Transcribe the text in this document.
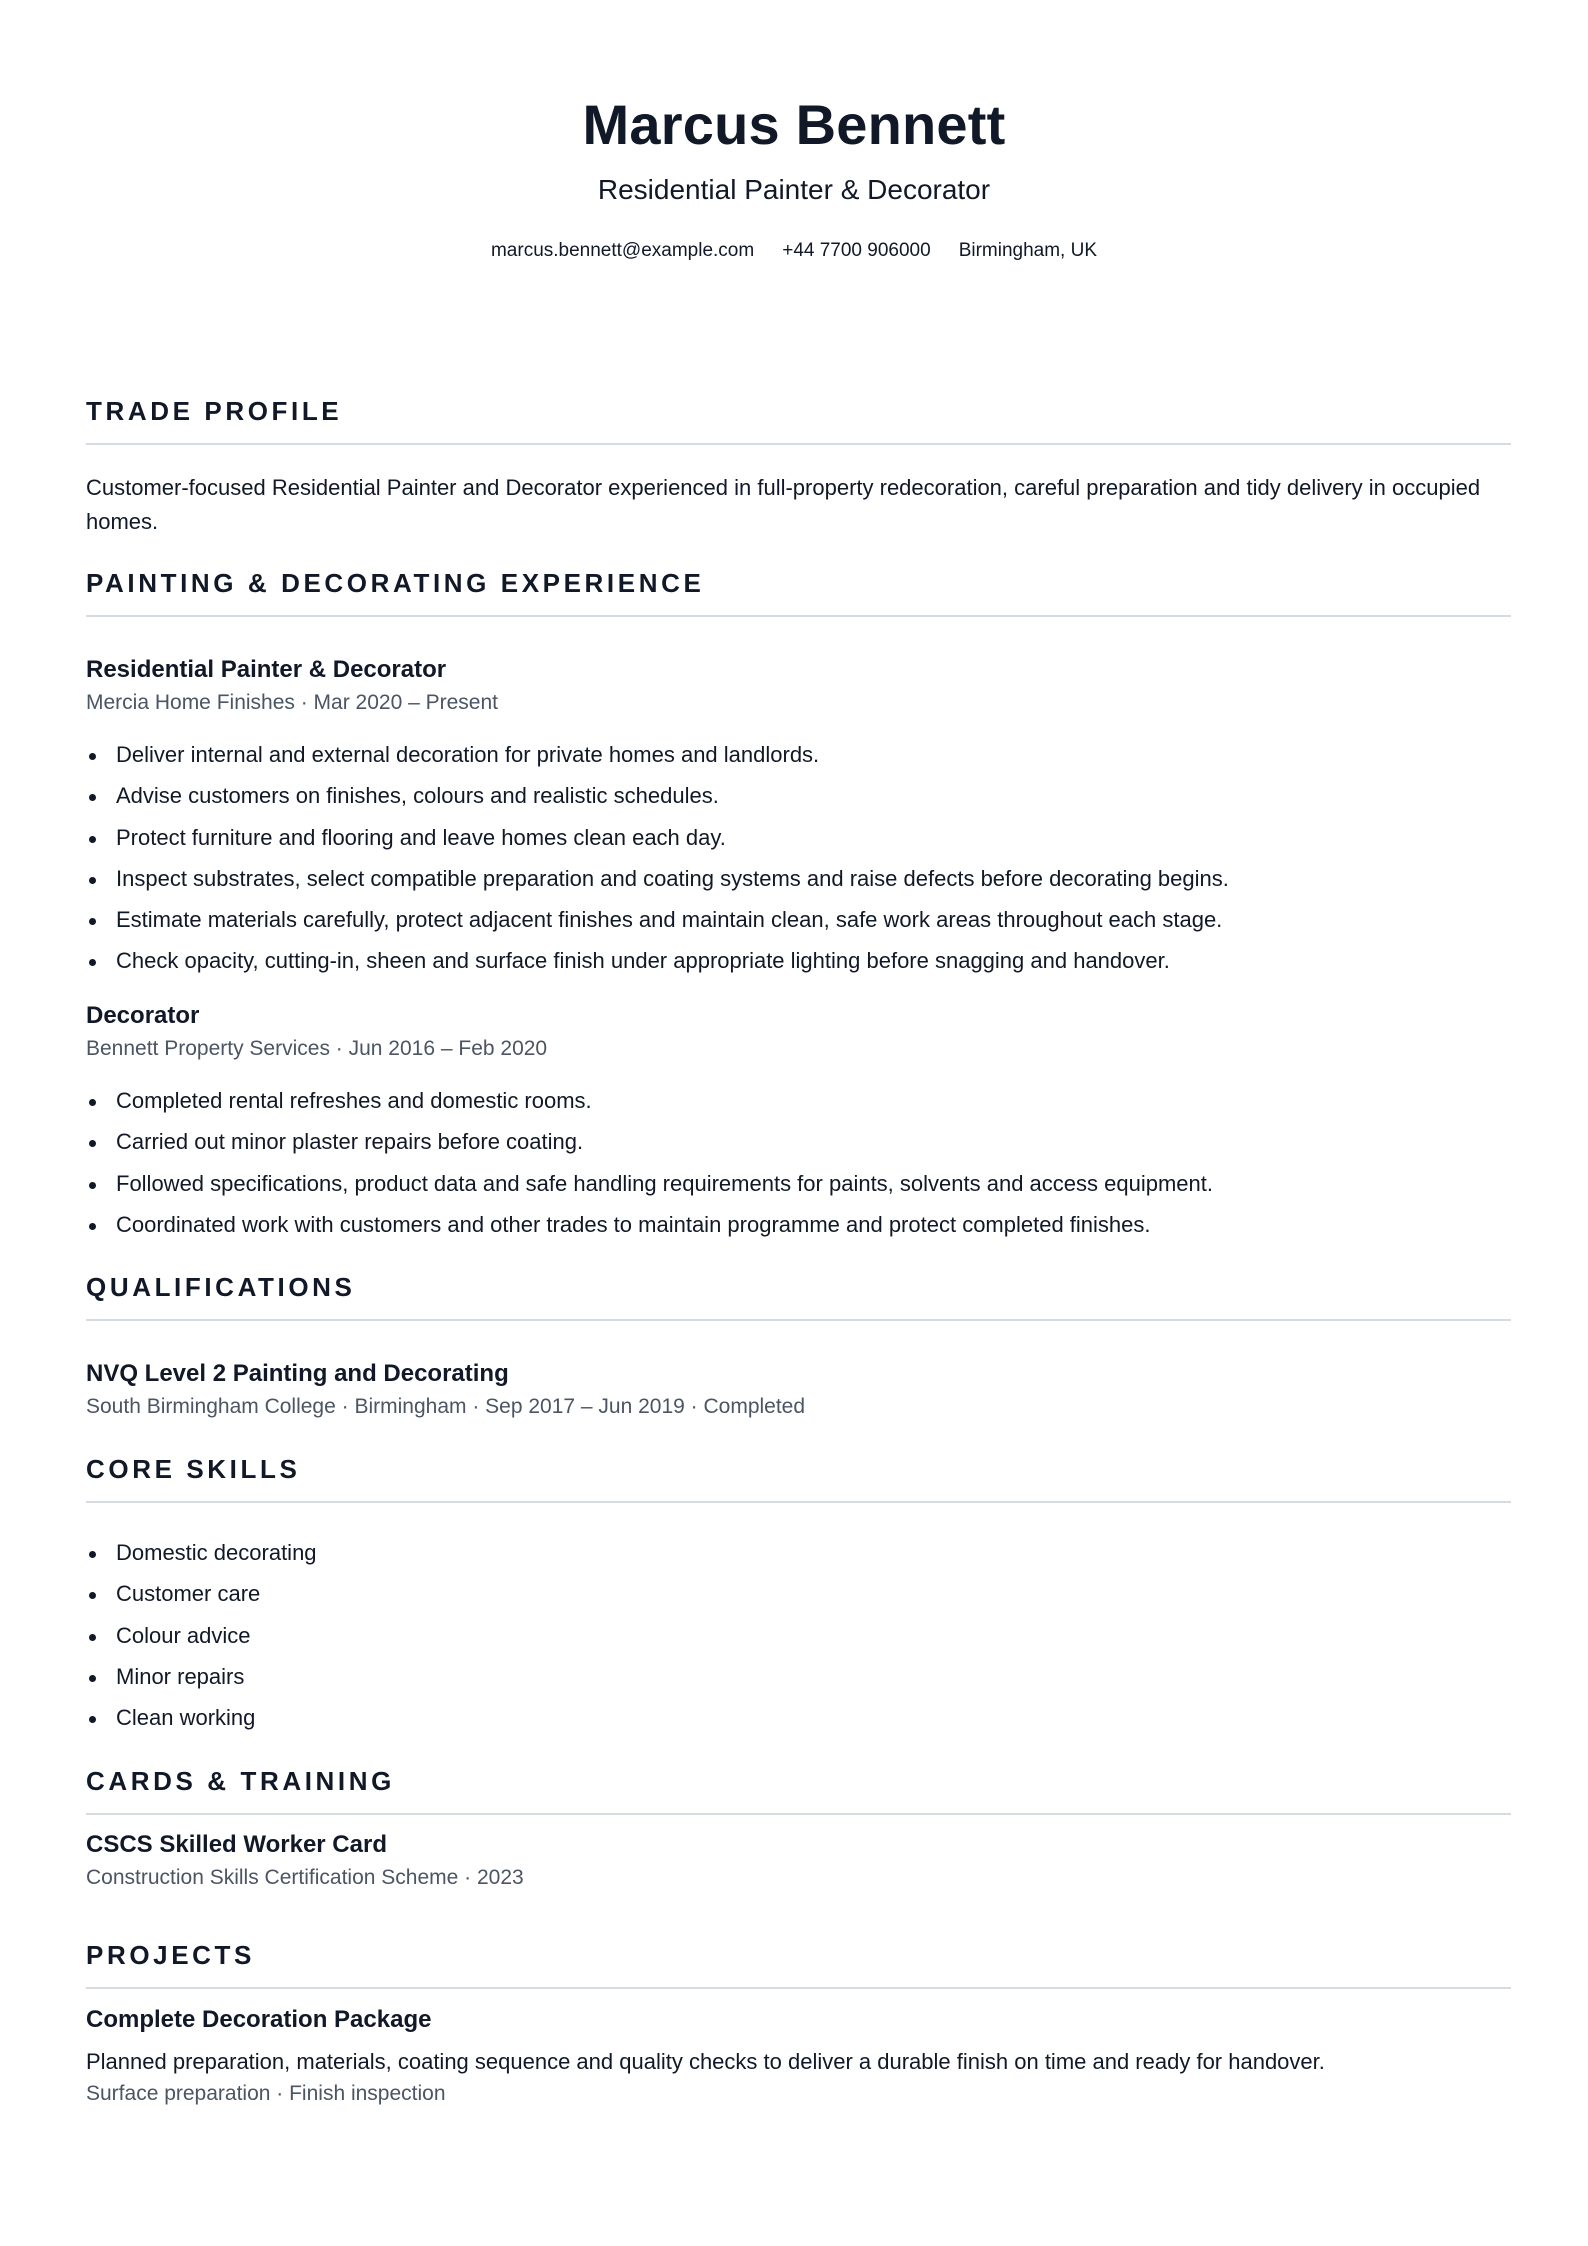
Marcus Bennett
Residential Painter & Decorator
marcus.bennett@example.com +44 7700 906000 Birmingham, UK
TRADE PROFILE
Customer-focused Residential Painter and Decorator experienced in full-property redecoration, careful preparation and tidy delivery in occupied homes.
PAINTING & DECORATING EXPERIENCE
Residential Painter & Decorator
Mercia Home Finishes · Mar 2020 – Present
Deliver internal and external decoration for private homes and landlords.
Advise customers on finishes, colours and realistic schedules.
Protect furniture and flooring and leave homes clean each day.
Inspect substrates, select compatible preparation and coating systems and raise defects before decorating begins.
Estimate materials carefully, protect adjacent finishes and maintain clean, safe work areas throughout each stage.
Check opacity, cutting-in, sheen and surface finish under appropriate lighting before snagging and handover.
Decorator
Bennett Property Services · Jun 2016 – Feb 2020
Completed rental refreshes and domestic rooms.
Carried out minor plaster repairs before coating.
Followed specifications, product data and safe handling requirements for paints, solvents and access equipment.
Coordinated work with customers and other trades to maintain programme and protect completed finishes.
QUALIFICATIONS
NVQ Level 2 Painting and Decorating
South Birmingham College · Birmingham · Sep 2017 – Jun 2019 · Completed
CORE SKILLS
Domestic decorating
Customer care
Colour advice
Minor repairs
Clean working
CARDS & TRAINING
CSCS Skilled Worker Card
Construction Skills Certification Scheme · 2023
PROJECTS
Complete Decoration Package
Planned preparation, materials, coating sequence and quality checks to deliver a durable finish on time and ready for handover.
Surface preparation · Finish inspection
